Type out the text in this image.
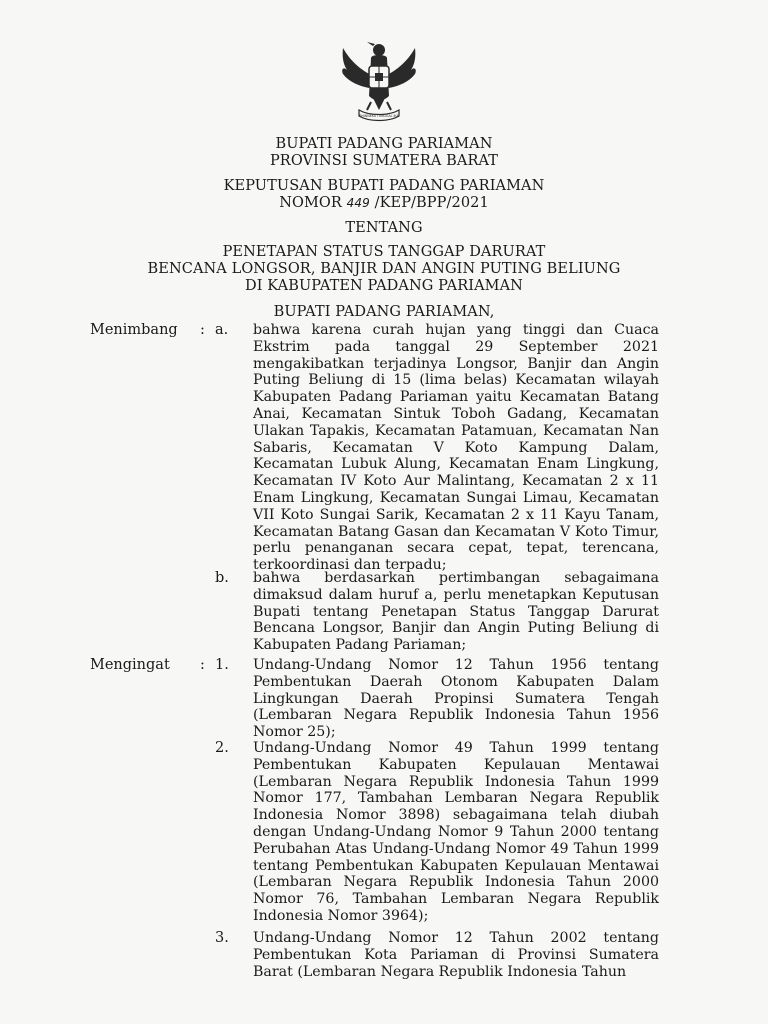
BHINNEKA TUNGGAL IKA
BUPATI PADANG PARIAMAN
PROVINSI SUMATERA BARAT
KEPUTUSAN BUPATI PADANG PARIAMAN
NOMOR 449 /KEP/BPP/2021
TENTANG
PENETAPAN STATUS TANGGAP DARURAT
BENCANA LONGSOR, BANJIR DAN ANGIN PUTING BELIUNG
DI KABUPATEN PADANG PARIAMAN
BUPATI PADANG PARIAMAN,
Menimbang : a. bahwa karena curah hujan yang tinggi dan Cuaca Ekstrim pada tanggal 29 September 2021 mengakibatkan terjadinya Longsor, Banjir dan Angin Puting Beliung di 15 (lima belas) Kecamatan wilayah Kabupaten Padang Pariaman yaitu Kecamatan Batang Anai, Kecamatan Sintuk Toboh Gadang, Kecamatan Ulakan Tapakis, Kecamatan Patamuan, Kecamatan Nan Sabaris, Kecamatan V Koto Kampung Dalam, Kecamatan Lubuk Alung, Kecamatan Enam Lingkung, Kecamatan IV Koto Aur Malintang, Kecamatan 2 x 11 Enam Lingkung, Kecamatan Sungai Limau, Kecamatan VII Koto Sungai Sarik, Kecamatan 2 x 11 Kayu Tanam, Kecamatan Batang Gasan dan Kecamatan V Koto Timur, perlu penanganan secara cepat, tepat, terencana, terkoordinasi dan terpadu;

b. bahwa berdasarkan pertimbangan sebagaimana dimaksud dalam huruf a, perlu menetapkan Keputusan Bupati tentang Penetapan Status Tanggap Darurat Bencana Longsor, Banjir dan Angin Puting Beliung di Kabupaten Padang Pariaman;

Mengingat : 1. Undang-Undang Nomor 12 Tahun 1956 tentang Pembentukan Daerah Otonom Kabupaten Dalam Lingkungan Daerah Propinsi Sumatera Tengah (Lembaran Negara Republik Indonesia Tahun 1956 Nomor 25);

2. Undang-Undang Nomor 49 Tahun 1999 tentang Pembentukan Kabupaten Kepulauan Mentawai (Lembaran Negara Republik Indonesia Tahun 1999 Nomor 177, Tambahan Lembaran Negara Republik Indonesia Nomor 3898) sebagaimana telah diubah dengan Undang-Undang Nomor 9 Tahun 2000 tentang Perubahan Atas Undang-Undang Nomor 49 Tahun 1999 tentang Pembentukan Kabupaten Kepulauan Mentawai (Lembaran Negara Republik Indonesia Tahun 2000 Nomor 76, Tambahan Lembaran Negara Republik Indonesia Nomor 3964);

3. Undang-Undang Nomor 12 Tahun 2002 tentang Pembentukan Kota Pariaman di Provinsi Sumatera Barat (Lembaran Negara Republik Indonesia Tahun
